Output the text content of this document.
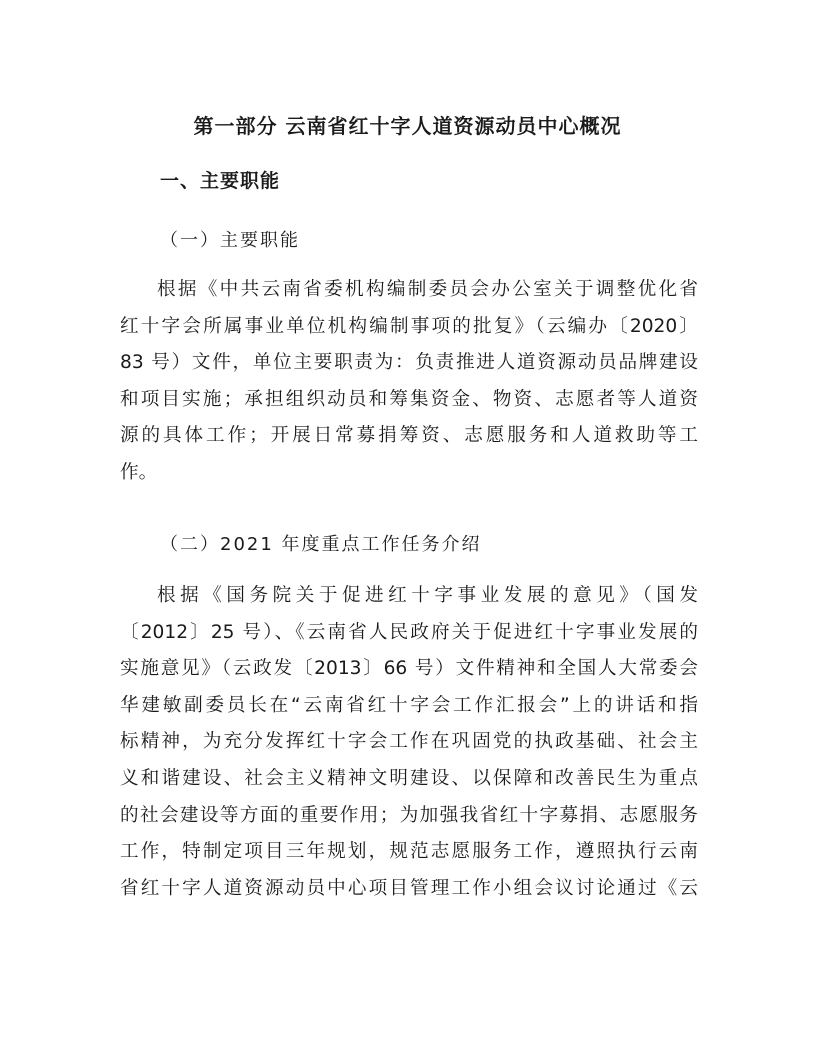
第一部分 云南省红十字人道资源动员中心概况
一、主要职能
（一）主要职能
根据《中共云南省委机构编制委员会办公室关于调整优化省
红十字会所属事业单位机构编制事项的批复》（云编办〔2020〕
83 号）文件，单位主要职责为：负责推进人道资源动员品牌建设
和项目实施；承担组织动员和筹集资金、物资、志愿者等人道资
源的具体工作；开展日常募捐筹资、志愿服务和人道救助等工
作。
（二）2021 年度重点工作任务介绍
根据《国务院关于促进红十字事业发展的意见》（国发
〔2012〕25 号）、《云南省人民政府关于促进红十字事业发展的
实施意见》（云政发〔2013〕66 号）文件精神和全国人大常委会
华建敏副委员长在“云南省红十字会工作汇报会”上的讲话和指
标精神，为充分发挥红十字会工作在巩固党的执政基础、社会主
义和谐建设、社会主义精神文明建设、以保障和改善民生为重点
的社会建设等方面的重要作用；为加强我省红十字募捐、志愿服务
工作，特制定项目三年规划，规范志愿服务工作，遵照执行云南
省红十字人道资源动员中心项目管理工作小组会议讨论通过《云
